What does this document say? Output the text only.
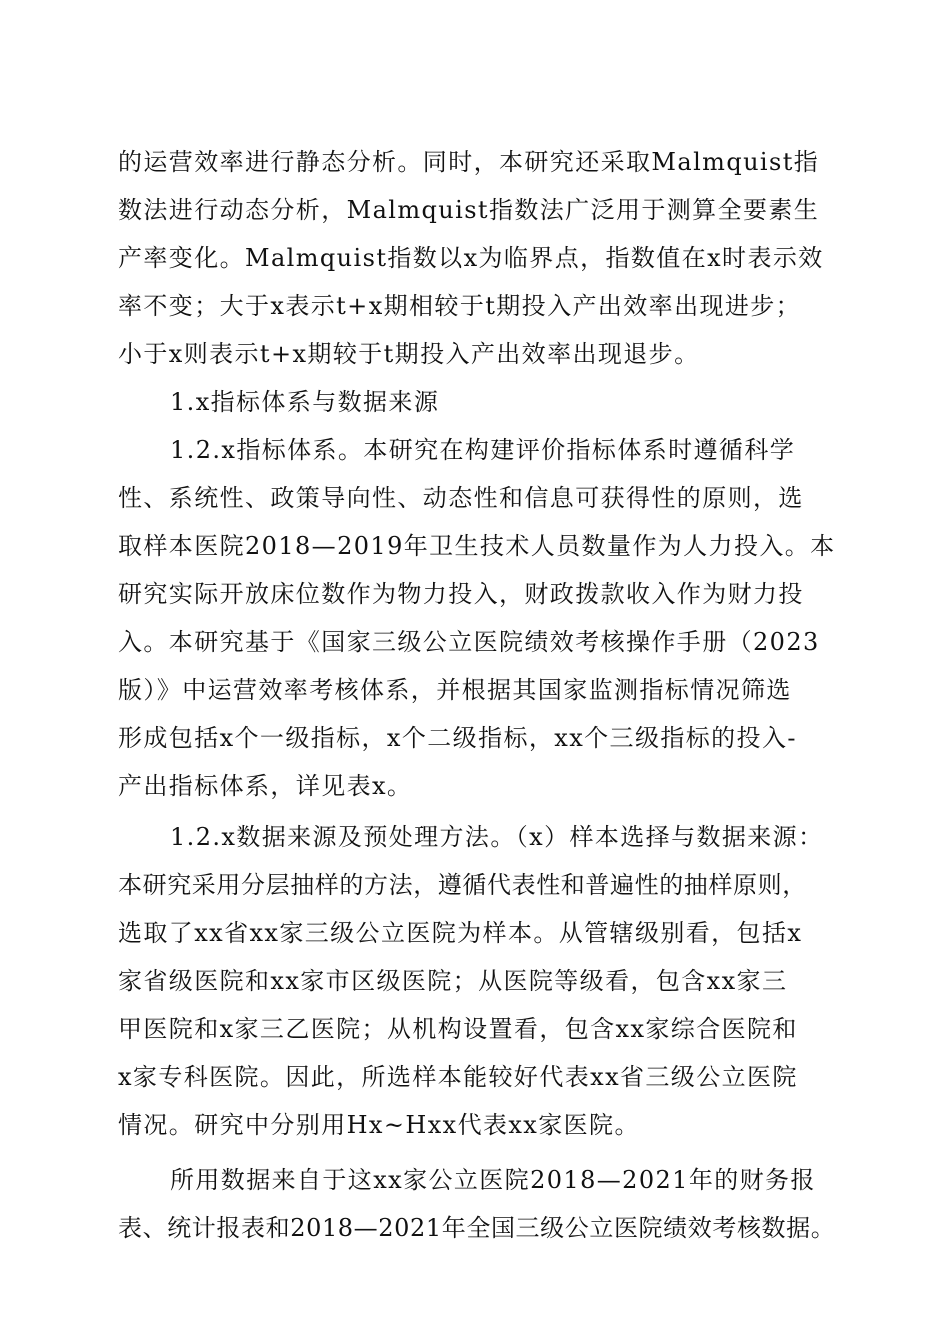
的运营效率进行静态分析。同时，本研究还采取Malmquist指
数法进行动态分析，Malmquist指数法广泛用于测算全要素生
产率变化。Malmquist指数以x为临界点，指数值在x时表示效
率不变；大于x表示t+x期相较于t期投入产出效率出现进步；
小于x则表示t+x期较于t期投入产出效率出现退步。
1.x指标体系与数据来源
1.2.x指标体系。本研究在构建评价指标体系时遵循科学
性、系统性、政策导向性、动态性和信息可获得性的原则，选
取样本医院2018—2019年卫生技术人员数量作为人力投入。本
研究实际开放床位数作为物力投入，财政拨款收入作为财力投
入。本研究基于《国家三级公立医院绩效考核操作手册（2023
版）》中运营效率考核体系，并根据其国家监测指标情况筛选
形成包括x个一级指标，x个二级指标，xx个三级指标的投入-
产出指标体系，详见表x。
1.2.x数据来源及预处理方法。（x）样本选择与数据来源：
本研究采用分层抽样的方法，遵循代表性和普遍性的抽样原则，
选取了xx省xx家三级公立医院为样本。从管辖级别看，包括x
家省级医院和xx家市区级医院；从医院等级看，包含xx家三
甲医院和x家三乙医院；从机构设置看，包含xx家综合医院和
x家专科医院。因此，所选样本能较好代表xx省三级公立医院
情况。研究中分别用Hx~Hxx代表xx家医院。
所用数据来自于这xx家公立医院2018—2021年的财务报
表、统计报表和2018—2021年全国三级公立医院绩效考核数据。
